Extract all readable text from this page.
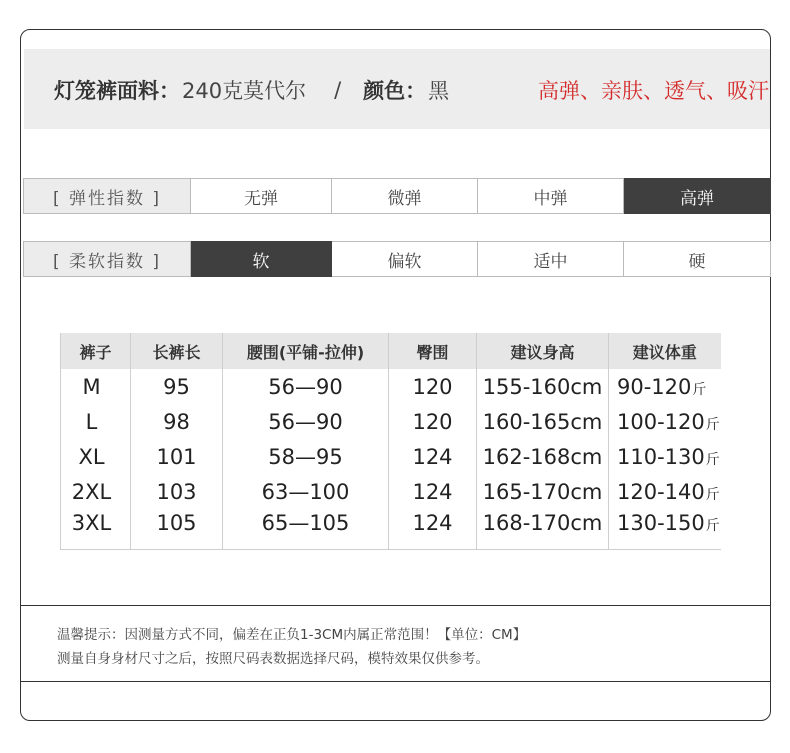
灯笼裤面料： 240克莫代尔 / 颜色： 黑	高弹、亲肤、透气、吸汗
[ 弹性指数 ]	无弹	微弹	中弹	高弹
[ 柔软指数 ]	软	偏软	适中	硬
裤子	长裤长	腰围(平铺-拉伸)	臀围	建议身高	建议体重
M	95	56—90	120	155-160cm	90-120斤
L	98	56—90	120	160-165cm	100-120斤
XL	101	58—95	124	162-168cm	110-130斤
2XL	103	63—100	124	165-170cm	120-140斤
3XL	105	65—105	124	168-170cm	130-150斤
温馨提示：因测量方式不同，偏差在正负1-3CM内属正常范围！【单位：CM】
测量自身身材尺寸之后，按照尺码表数据选择尺码，模特效果仅供参考。
